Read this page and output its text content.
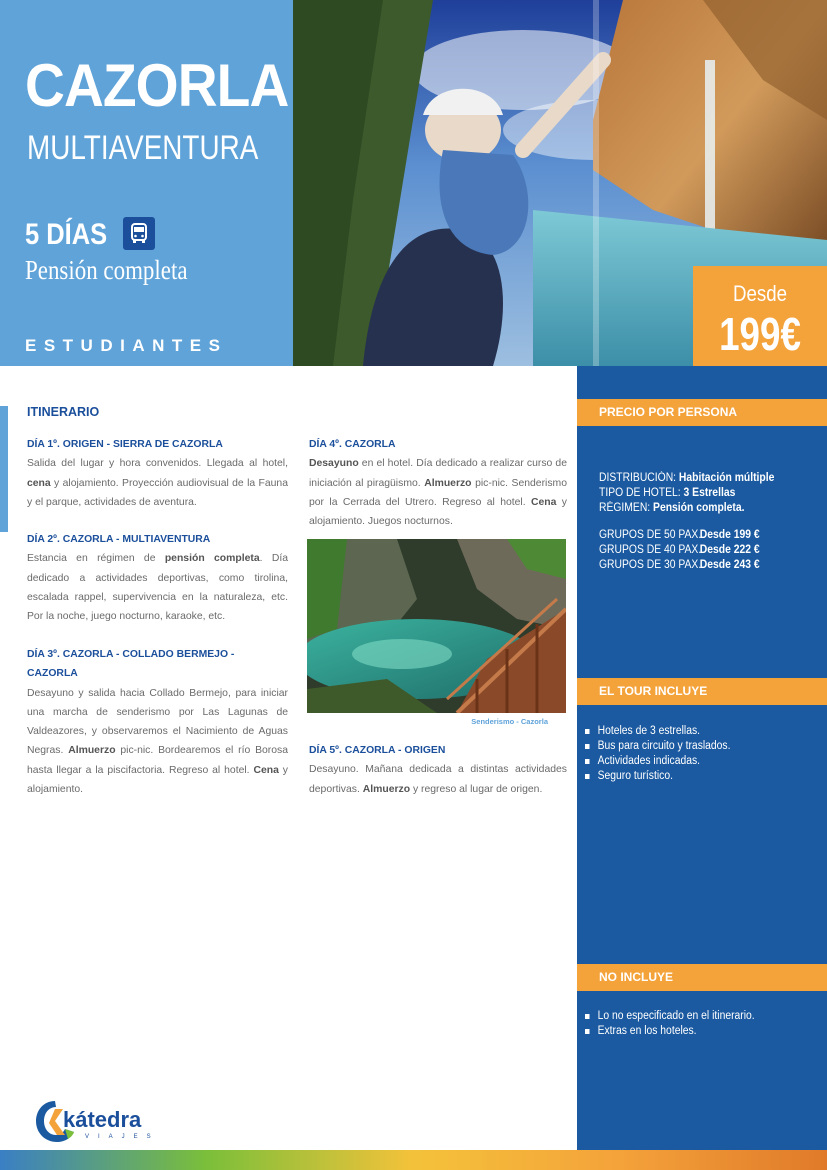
CAZORLA
MULTIAVENTURA
5 DÍAS
Pensión completa
ESTUDIANTES
Desde
199€
ITINERARIO
DÍA 1º. ORIGEN - SIERRA DE CAZORLA
Salida del lugar y hora convenidos. Llegada al hotel, cena y alojamiento. Proyección audiovisual de la Fauna y el parque, actividades de aventura.
DÍA 2º. CAZORLA - MULTIAVENTURA
Estancia en régimen de pensión completa. Día dedicado a actividades deportivas, como tirolina, escalada rappel, supervivencia en la naturaleza, etc. Por la noche, juego nocturno, karaoke, etc.
DÍA 3º. CAZORLA - COLLADO BERMEJO - CAZORLA
Desayuno y salida hacia Collado Bermejo, para iniciar una marcha de senderismo por Las Lagunas de Valdeazores, y observaremos el Nacimiento de Aguas Negras. Almuerzo pic-nic. Bordearemos el río Borosa hasta llegar a la piscifactoria. Regreso al hotel. Cena y alojamiento.
DÍA 4º. CAZORLA
Desayuno en el hotel. Día dedicado a realizar curso de iniciación al piragüismo. Almuerzo pic-nic. Senderismo por la Cerrada del Utrero. Regreso al hotel. Cena y alojamiento. Juegos nocturnos.
Senderismo - Cazorla
DÍA 5º. CAZORLA - ORIGEN
Desayuno. Mañana dedicada a distintas actividades deportivas. Almuerzo y regreso al lugar de origen.
PRECIO POR PERSONA
DISTRIBUCIÓN: Habitación múltiple
TIPO DE HOTEL: 3 Estrellas
RÉGIMEN: Pensión completa.
GRUPOS DE 50 PAX.
Desde 199 €
GRUPOS DE 40 PAX.
Desde 222 €
GRUPOS DE 30 PAX.
Desde 243 €
EL TOUR INCLUYE
Hoteles de 3 estrellas.
Bus para circuito y traslados.
Actividades indicadas.
Seguro turístico.
NO INCLUYE
Lo no especificado en el itinerario.
Extras en los hoteles.
kátedra
VIAJES
